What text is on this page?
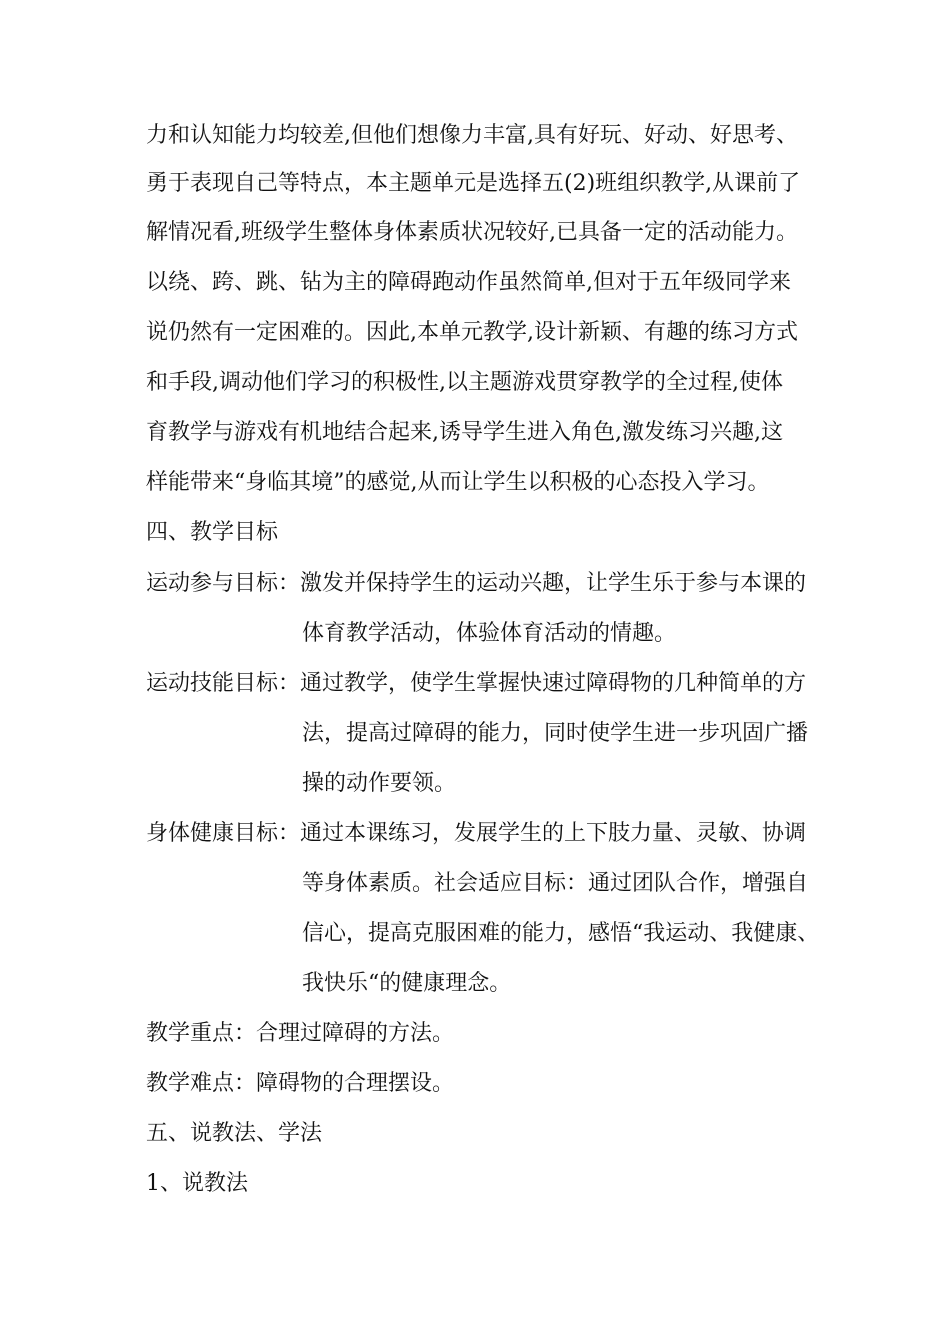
力和认知能力均较差,但他们想像力丰富,具有好玩、好动、好思考、
勇于表现自己等特点，本主题单元是选择五(2)班组织教学,从课前了
解情况看,班级学生整体身体素质状况较好,已具备一定的活动能力。
以绕、跨、跳、钻为主的障碍跑动作虽然简单,但对于五年级同学来
说仍然有一定困难的。因此,本单元教学,设计新颖、有趣的练习方式
和手段,调动他们学习的积极性,以主题游戏贯穿教学的全过程,使体
育教学与游戏有机地结合起来,诱导学生进入角色,激发练习兴趣,这
样能带来“身临其境”的感觉,从而让学生以积极的心态投入学习。
四、教学目标
运动参与目标：激发并保持学生的运动兴趣，让学生乐于参与本课的
体育教学活动，体验体育活动的情趣。
运动技能目标：通过教学，使学生掌握快速过障碍物的几种简单的方
法，提高过障碍的能力，同时使学生进一步巩固广播
操的动作要领。
身体健康目标：通过本课练习，发展学生的上下肢力量、灵敏、协调
等身体素质。社会适应目标：通过团队合作，增强自
信心，提高克服困难的能力，感悟“我运动、我健康、
我快乐“的健康理念。
教学重点：合理过障碍的方法。
教学难点：障碍物的合理摆设。
五、说教法、学法
1、说教法
